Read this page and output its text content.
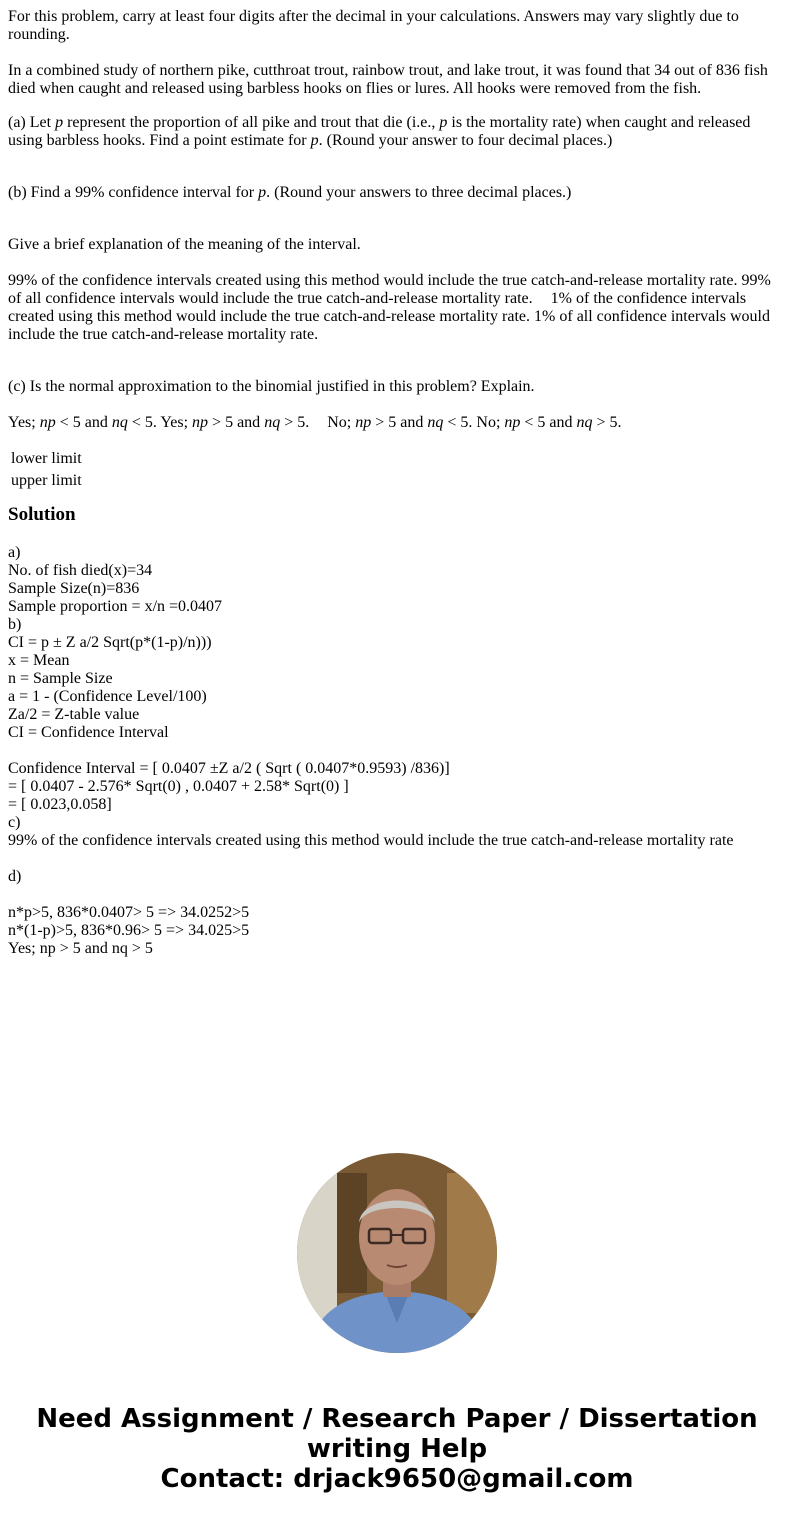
For this problem, carry at least four digits after the decimal in your calculations. Answers may vary slightly due to rounding.

In a combined study of northern pike, cutthroat trout, rainbow trout, and lake trout, it was found that 34 out of 836 fish died when caught and released using barbless hooks on flies or lures. All hooks were removed from the fish.

(a) Let p represent the proportion of all pike and trout that die (i.e., p is the mortality rate) when caught and released using barbless hooks. Find a point estimate for p. (Round your answer to four decimal places.)

(b) Find a 99% confidence interval for p. (Round your answers to three decimal places.)

Give a brief explanation of the meaning of the interval.

99% of the confidence intervals created using this method would include the true catch-and-release mortality rate. 99% of all confidence intervals would include the true catch-and-release mortality rate. 1% of the confidence intervals created using this method would include the true catch-and-release mortality rate. 1% of all confidence intervals would include the true catch-and-release mortality rate.

(c) Is the normal approximation to the binomial justified in this problem? Explain.

Yes; np < 5 and nq < 5. Yes; np > 5 and nq > 5. No; np > 5 and nq < 5. No; np < 5 and nq > 5.

lower limit
upper limit
Solution
a)
No. of fish died(x)=34
Sample Size(n)=836
Sample proportion = x/n =0.0407
b)
CI = p ± Z a/2 Sqrt(p*(1-p)/n)))
x = Mean
n = Sample Size
a = 1 - (Confidence Level/100)
Za/2 = Z-table value
CI = Confidence Interval
Confidence Interval = [ 0.0407 ±Z a/2 ( Sqrt ( 0.0407*0.9593) /836)]
= [ 0.0407 - 2.576* Sqrt(0) , 0.0407 + 2.58* Sqrt(0) ]
= [ 0.023,0.058]
c)
99% of the confidence intervals created using this method would include the true catch-and-release mortality rate
d)
n*p>5, 836*0.0407> 5 => 34.0252>5
n*(1-p)>5, 836*0.96> 5 => 34.025>5
Yes; np > 5 and nq > 5
Need Assignment / Research Paper / Dissertation
writing Help
Contact: drjack9650@gmail.com
